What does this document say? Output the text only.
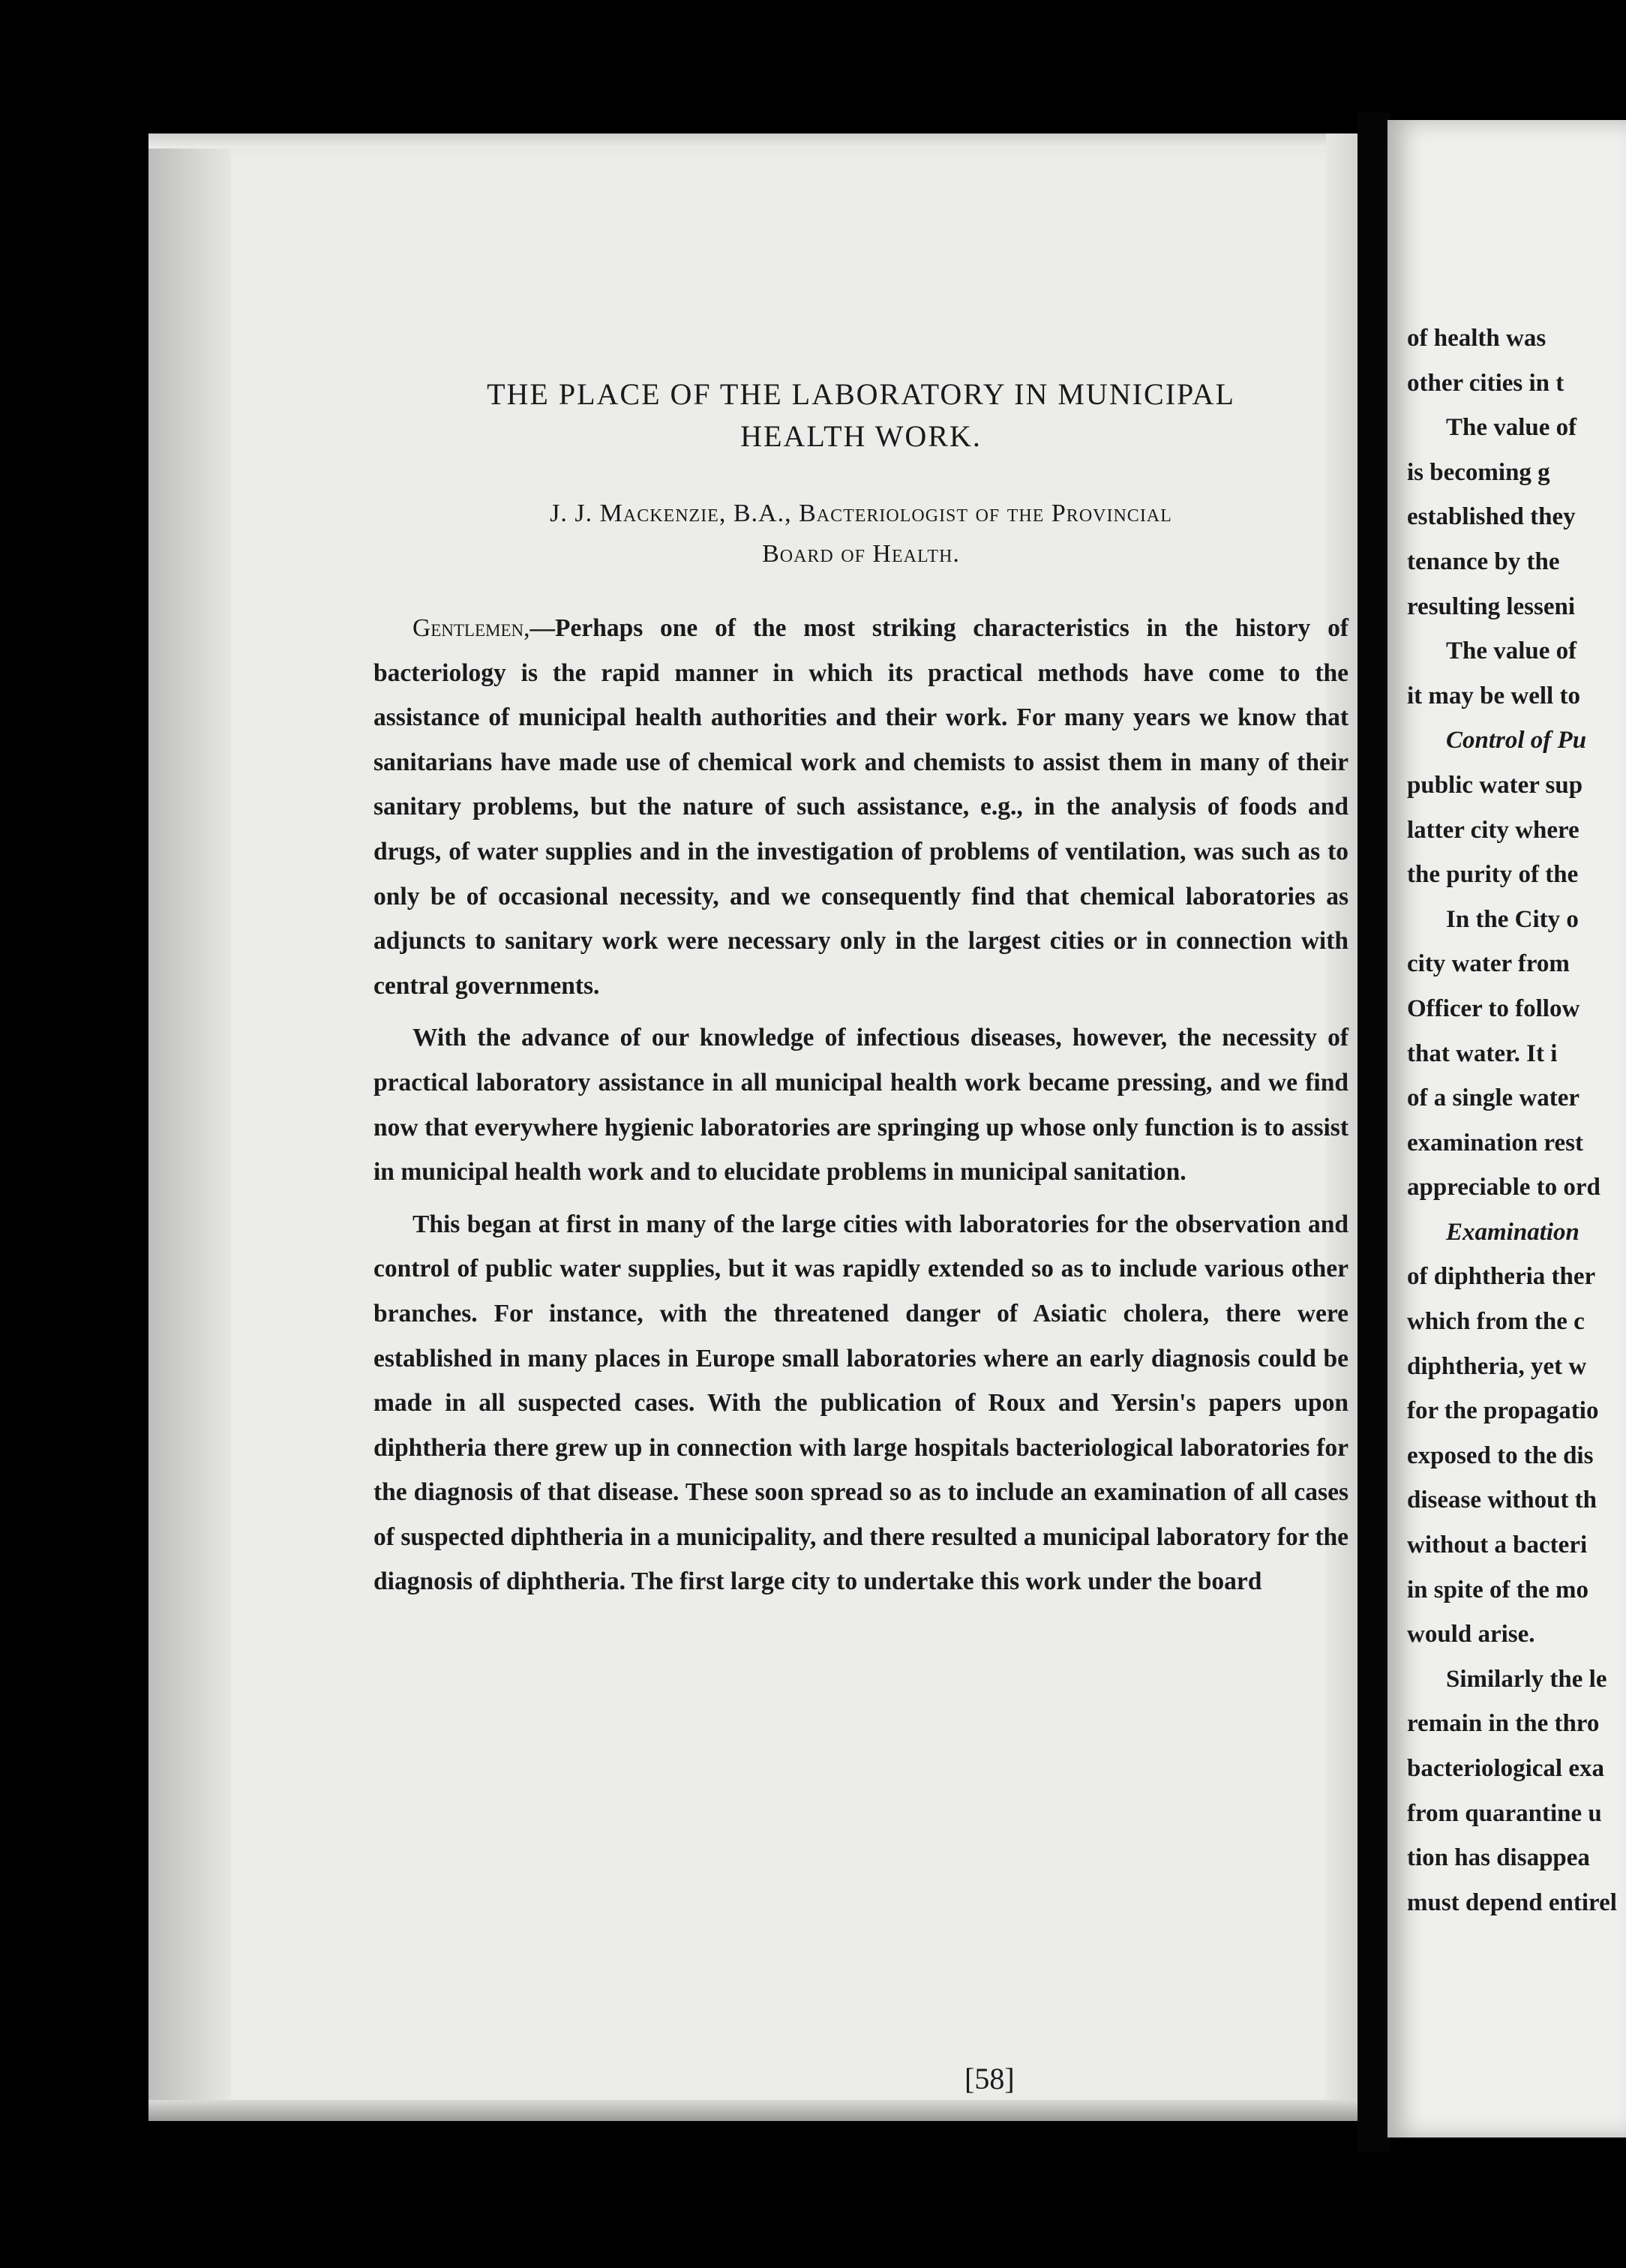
THE PLACE OF THE LABORATORY IN MUNICIPAL
HEALTH WORK.
J. J. Mackenzie, B.A., Bacteriologist of the Provincial
Board of Health.

Gentlemen,—Perhaps one of the most striking characteristics in the history of bacteriology is the rapid manner in which its practical methods have come to the assistance of municipal health authorities and their work. For many years we know that sanitarians have made use of chemical work and chemists to assist them in many of their sanitary problems, but the nature of such assistance, e.g., in the analysis of foods and drugs, of water supplies and in the investigation of problems of ventilation, was such as to only be of occasional necessity, and we consequently find that chemical laboratories as adjuncts to sanitary work were necessary only in the largest cities or in connection with central governments.

With the advance of our knowledge of infectious diseases, however, the necessity of practical laboratory assistance in all municipal health work became pressing, and we find now that everywhere hygienic laboratories are springing up whose only function is to assist in municipal health work and to elucidate problems in municipal sanitation.

This began at first in many of the large cities with laboratories for the observation and control of public water supplies, but it was rapidly extended so as to include various other branches. For instance, with the threatened danger of Asiatic cholera, there were established in many places in Europe small laboratories where an early diagnosis could be made in all suspected cases. With the publication of Roux and Yersin's papers upon diphtheria there grew up in connection with large hospitals bacteriological laboratories for the diagnosis of that disease. These soon spread so as to include an examination of all cases of suspected diphtheria in a municipality, and there resulted a municipal laboratory for the diagnosis of diphtheria. The first large city to undertake this work under the board

[58]
of health was
other cities in t
The value of
is becoming g
established they
tenance by the
resulting lesseni
The value of
it may be well to
Control of Pu
public water sup
latter city where
the purity of the
In the City o
city water from
Officer to follow
that water. It i
of a single water
examination rest
appreciable to ord
Examination
of diphtheria ther
which from the c
diphtheria, yet w
for the propagatio
exposed to the dis
disease without th
without a bacteri
in spite of the mo
would arise.
Similarly the le
remain in the thro
bacteriological exa
from quarantine u
tion has disappea
must depend entirel
